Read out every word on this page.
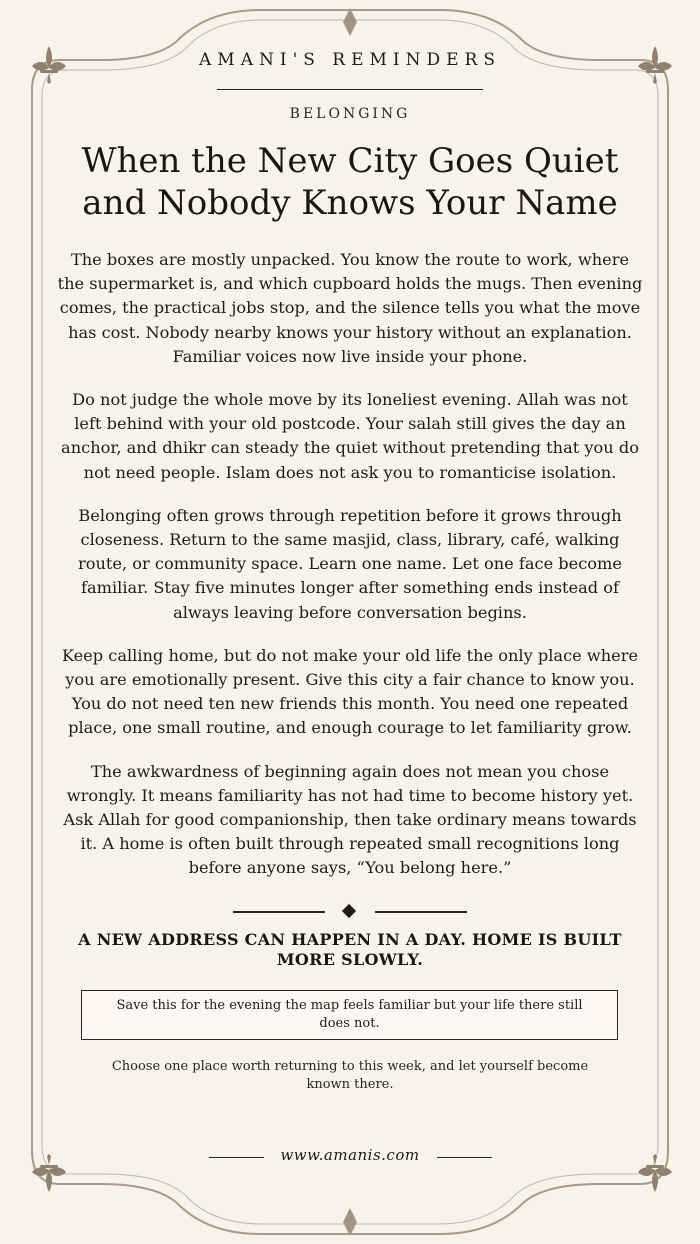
AMANI'S REMINDERS
BELONGING
When the New City Goes Quiet and Nobody Knows Your Name

The boxes are mostly unpacked. You know the route to work, where the supermarket is, and which cupboard holds the mugs. Then evening comes, the practical jobs stop, and the silence tells you what the move has cost. Nobody nearby knows your history without an explanation. Familiar voices now live inside your phone.

Do not judge the whole move by its loneliest evening. Allah was not left behind with your old postcode. Your salah still gives the day an anchor, and dhikr can steady the quiet without pretending that you do not need people. Islam does not ask you to romanticise isolation.

Belonging often grows through repetition before it grows through closeness. Return to the same masjid, class, library, café, walking route, or community space. Learn one name. Let one face become familiar. Stay five minutes longer after something ends instead of always leaving before conversation begins.

Keep calling home, but do not make your old life the only place where you are emotionally present. Give this city a fair chance to know you. You do not need ten new friends this month. You need one repeated place, one small routine, and enough courage to let familiarity grow.

The awkwardness of beginning again does not mean you chose wrongly. It means familiarity has not had time to become history yet. Ask Allah for good companionship, then take ordinary means towards it. A home is often built through repeated small recognitions long before anyone says, “You belong here.”

A NEW ADDRESS CAN HAPPEN IN A DAY. HOME IS BUILT MORE SLOWLY.
Save this for the evening the map feels familiar but your life there still does not.
Choose one place worth returning to this week, and let yourself become known there.
www.amanis.com
